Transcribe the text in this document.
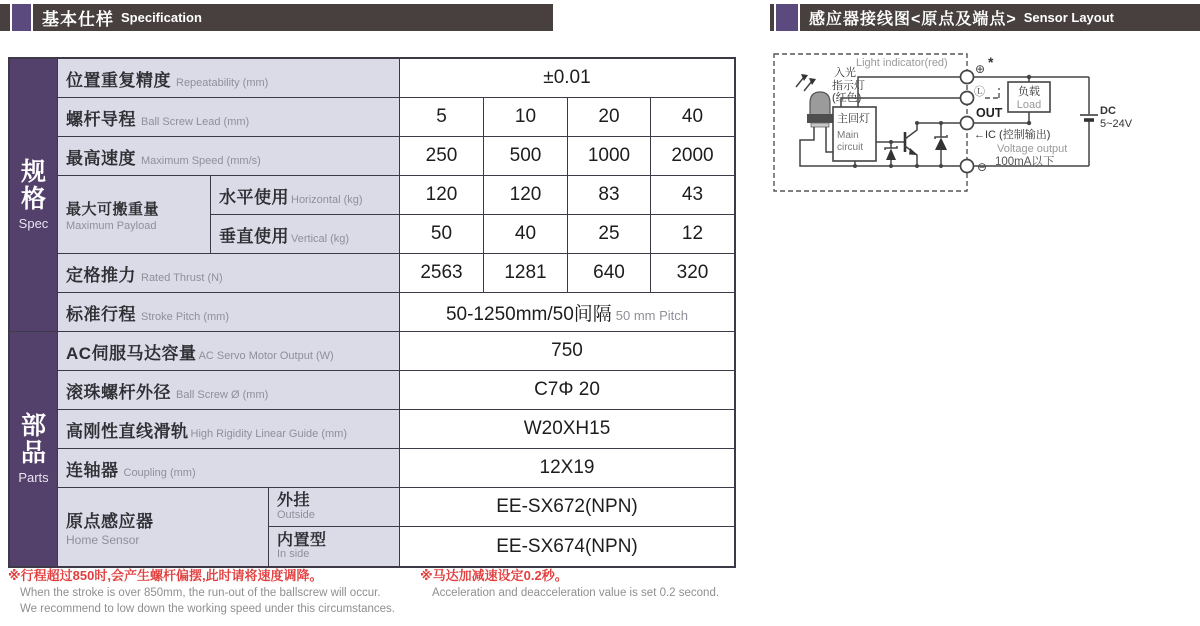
基本仕样 Specification	感应器接线图<原点及端点> Sensor Layout
规格
Spec
部品
Parts
位置重复精度 Repeatability (mm)	±0.01
螺杆导程 Ball Screw Lead (mm)	5	10	20	40
最高速度 Maximum Speed (mm/s)	250	500	1000	2000
最大可搬重量
Maximum Payload
水平使用 Horizontal (kg)	120	120	83	43
垂直使用 Vertical (kg)	50	40	25	12
定格推力 Rated Thrust (N)	2563	1281	640	320
标准行程 Stroke Pitch (mm)	50-1250mm/50间隔 50 mm Pitch
AC伺服马达容量 AC Servo Motor Output (W)	750
滚珠螺杆外径 Ball Screw Ø (mm)	C7Φ 20
高刚性直线滑轨 High Rigidity Linear Guide (mm)	W20XH15
连轴器 Coupling (mm)	12X19
原点感应器
Home Sensor
外挂
Outside	EE-SX672(NPN)
内置型
In side	EE-SX674(NPN)
※行程超过850时,会产生螺杆偏摆,此时请将速度调降。
When the stroke is over 850mm, the run-out of the ballscrew will occur.
We recommend to low down the working speed under this circumstances.
※马达加减速设定0.2秒。
Acceleration and deacceleration value is set 0.2 second.
入光
指示灯
(红色)
Light indicator(red)
主回灯
Main
circuit
DC
5~24V
负载
Load
⊕ *
Ⓛ
⊖
OUT
←IC (控制输出)
Voltage output
100mA以下
